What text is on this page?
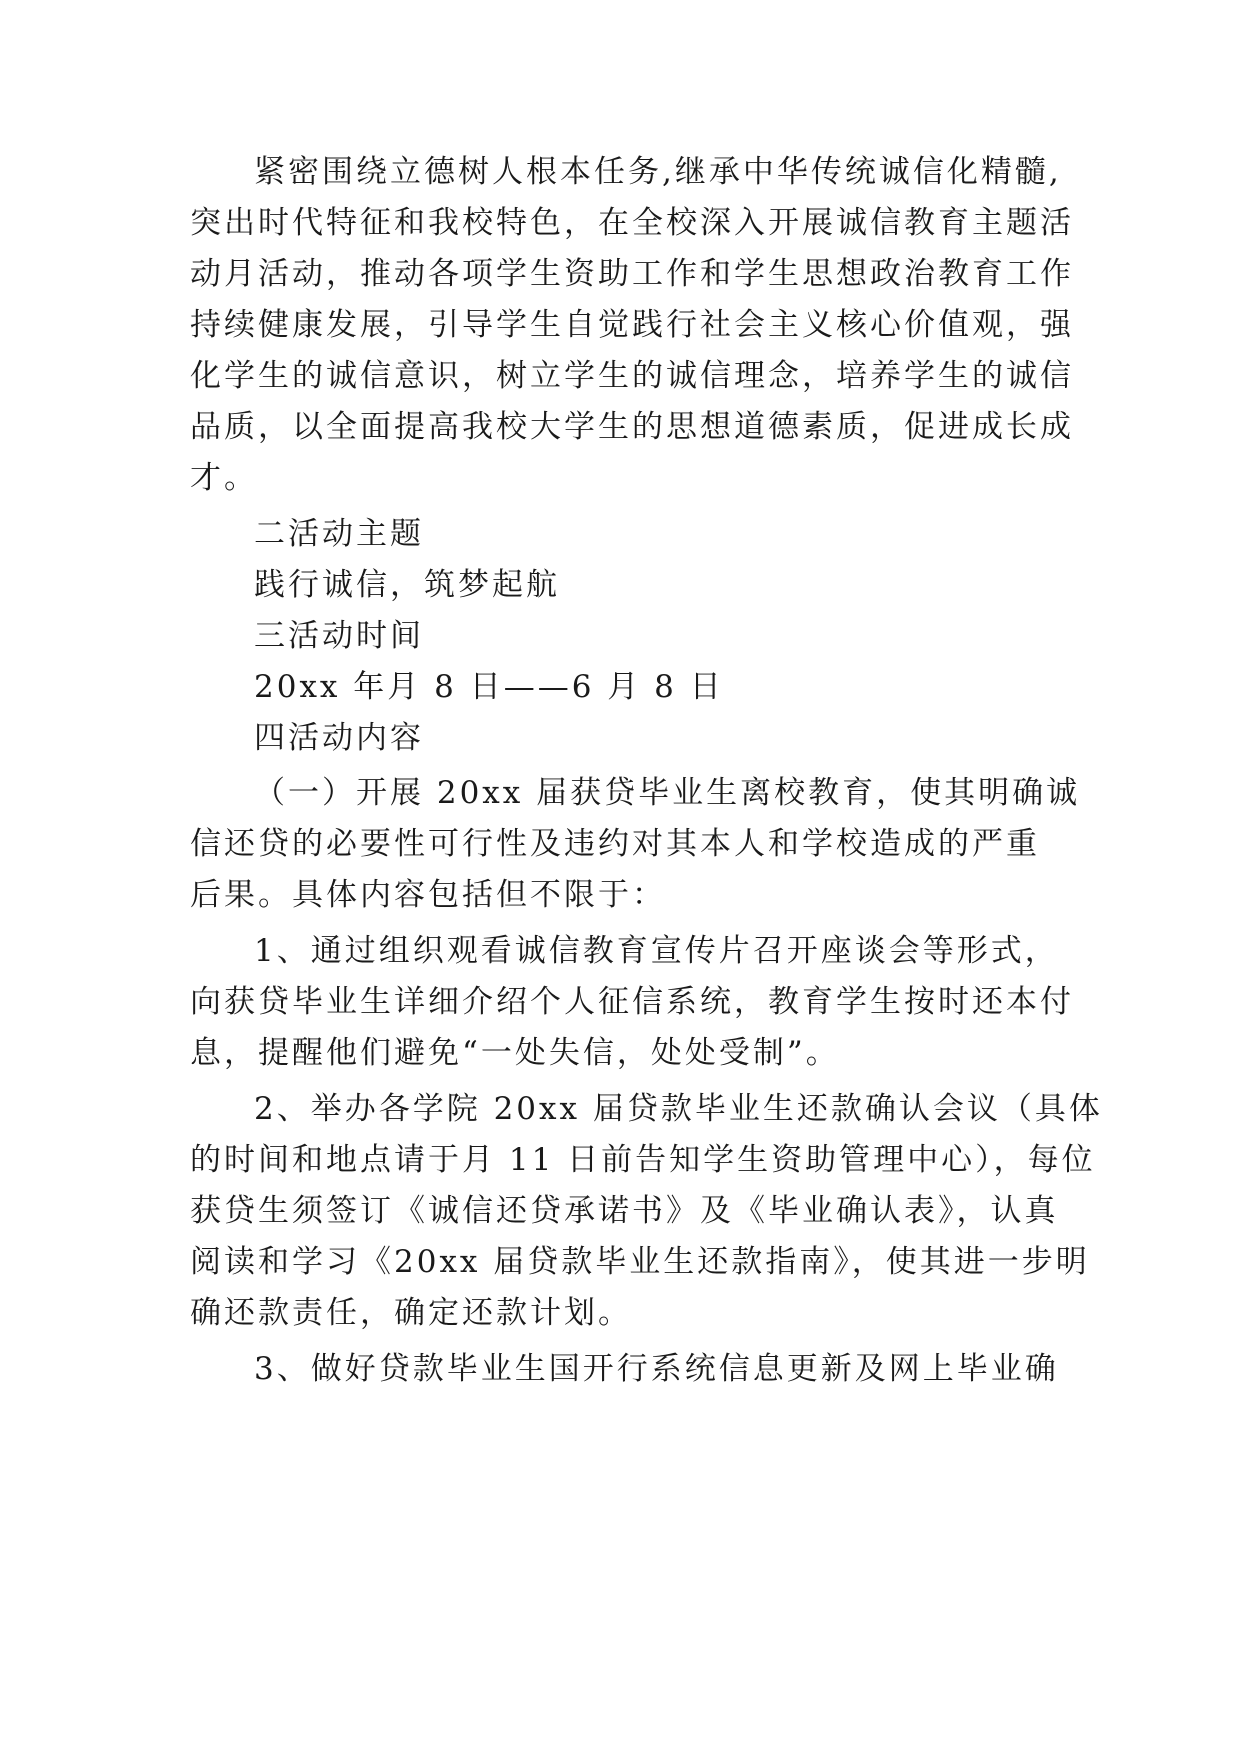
紧密围绕立德树人根本任务,继承中华传统诚信化精髓,
突出时代特征和我校特色，在全校深入开展诚信教育主题活
动月活动，推动各项学生资助工作和学生思想政治教育工作
持续健康发展，引导学生自觉践行社会主义核心价值观，强
化学生的诚信意识，树立学生的诚信理念，培养学生的诚信
品质，以全面提高我校大学生的思想道德素质，促进成长成
才。
二活动主题
践行诚信，筑梦起航
三活动时间
20xx 年月 8 日——6 月 8 日
四活动内容
（一）开展 20xx 届获贷毕业生离校教育，使其明确诚
信还贷的必要性可行性及违约对其本人和学校造成的严重
后果。具体内容包括但不限于：
1、通过组织观看诚信教育宣传片召开座谈会等形式，
向获贷毕业生详细介绍个人征信系统，教育学生按时还本付
息，提醒他们避免“一处失信，处处受制”。
2、举办各学院 20xx 届贷款毕业生还款确认会议（具体
的时间和地点请于月 11 日前告知学生资助管理中心），每位
获贷生须签订《诚信还贷承诺书》及《毕业确认表》，认真
阅读和学习《20xx 届贷款毕业生还款指南》，使其进一步明
确还款责任，确定还款计划。
3、做好贷款毕业生国开行系统信息更新及网上毕业确
